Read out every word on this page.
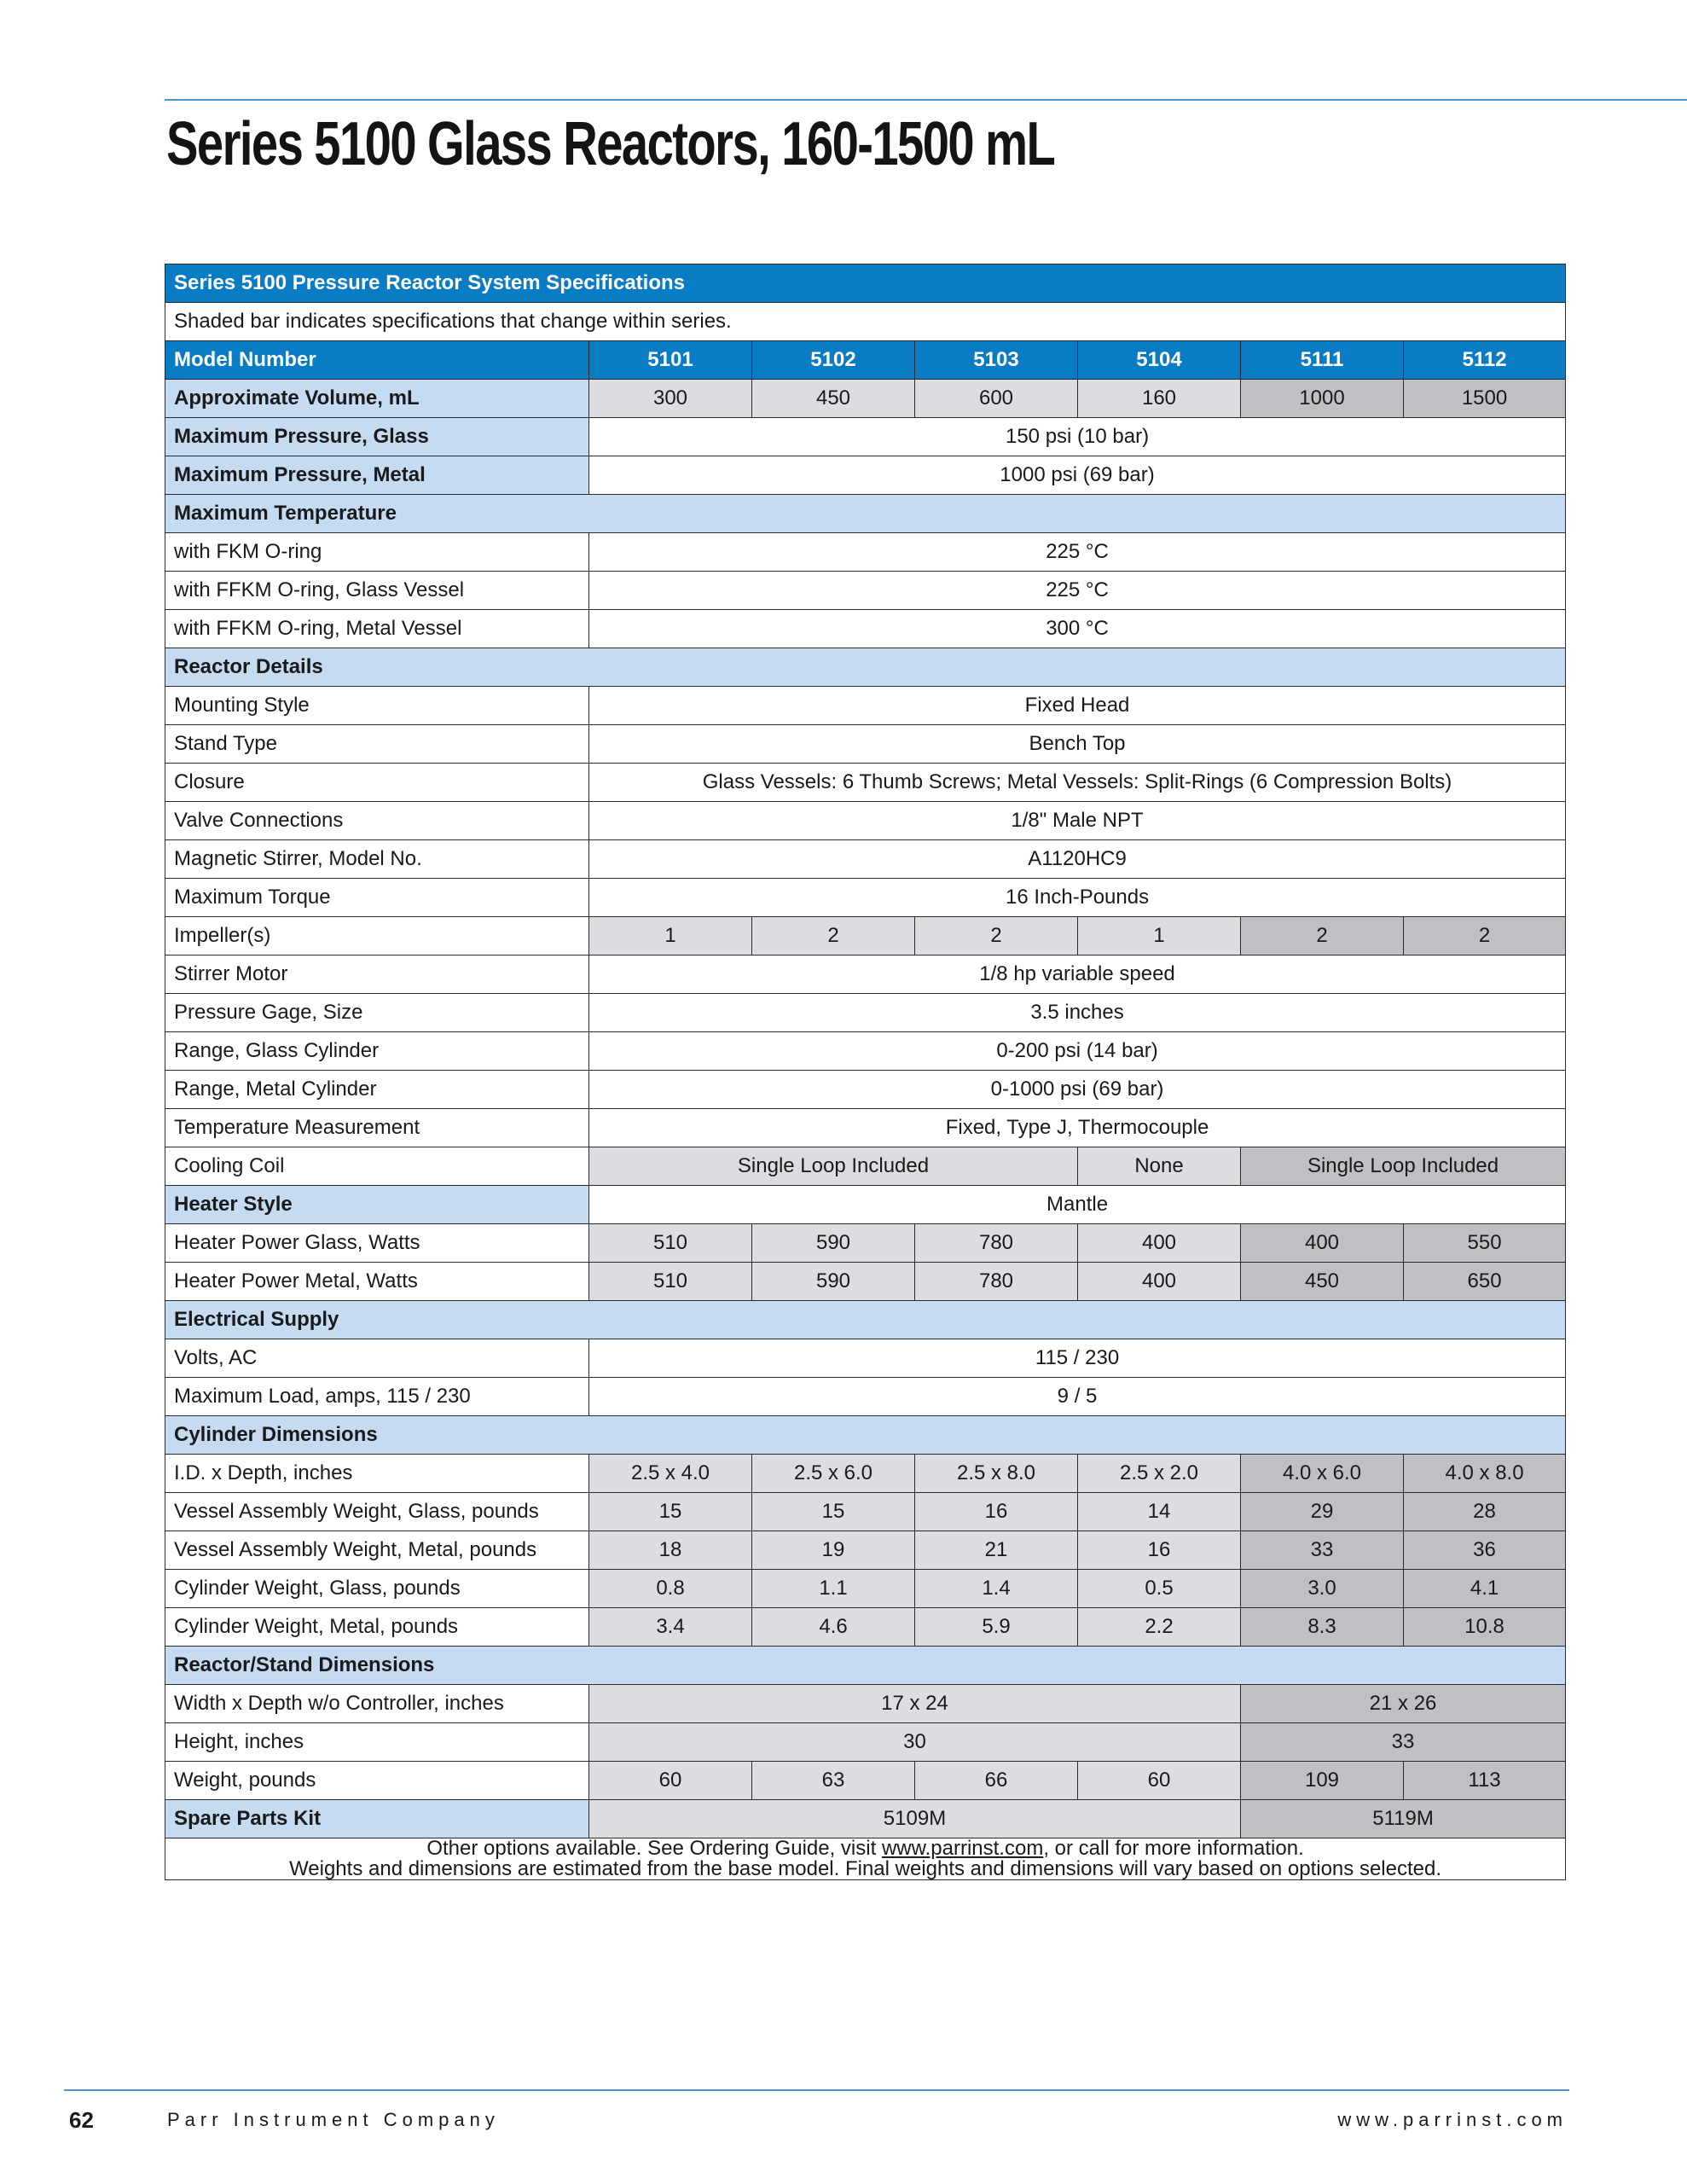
Series 5100 Glass Reactors, 160-1500 mL
Series 5100 Pressure Reactor System Specifications						
Shaded bar indicates specifications that change within series.						
Model Number	5101	5102	5103	5104	5111	5112
Approximate Volume, mL	300	450	600	160	1000	1500
Maximum Pressure, Glass	150 psi (10 bar)					
Maximum Pressure, Metal	1000 psi (69 bar)					
Maximum Temperature						
with FKM O-ring	225 °C					
with FFKM O-ring, Glass Vessel	225 °C					
with FFKM O-ring, Metal Vessel	300 °C					
Reactor Details						
Mounting Style	Fixed Head					
Stand Type	Bench Top					
Closure	Glass Vessels: 6 Thumb Screws; Metal Vessels: Split-Rings (6 Compression Bolts)					
Valve Connections	1/8" Male NPT					
Magnetic Stirrer, Model No.	A1120HC9					
Maximum Torque	16 Inch-Pounds					
Impeller(s)	1	2	2	1	2	2
Stirrer Motor	1/8 hp variable speed					
Pressure Gage, Size	3.5 inches					
Range, Glass Cylinder	0-200 psi (14 bar)					
Range, Metal Cylinder	0-1000 psi (69 bar)					
Temperature Measurement	Fixed, Type J, Thermocouple					
Cooling Coil	Single Loop Included			None	Single Loop Included	
Heater Style	Mantle					
Heater Power Glass, Watts	510	590	780	400	400	550
Heater Power Metal, Watts	510	590	780	400	450	650
Electrical Supply						
Volts, AC	115 / 230					
Maximum Load, amps, 115 / 230	9 / 5					
Cylinder Dimensions						
I.D. x Depth, inches	2.5 x 4.0	2.5 x 6.0	2.5 x 8.0	2.5 x 2.0	4.0 x 6.0	4.0 x 8.0
Vessel Assembly Weight, Glass, pounds	15	15	16	14	29	28
Vessel Assembly Weight, Metal, pounds	18	19	21	16	33	36
Cylinder Weight, Glass, pounds	0.8	1.1	1.4	0.5	3.0	4.1
Cylinder Weight, Metal, pounds	3.4	4.6	5.9	2.2	8.3	10.8
Reactor/Stand Dimensions						
Width x Depth w/o Controller, inches	17 x 24				21 x 26	
Height, inches	30				33	
Weight, pounds	60	63	66	60	109	113
Spare Parts Kit	5109M				5119M	
Other options available. See Ordering Guide, visit www.parrinst.com, or call for more information.
Weights and dimensions are estimated from the base model. Final weights and dimensions will vary based on options selected.						
62	Parr Instrument Company	www.parrinst.com
